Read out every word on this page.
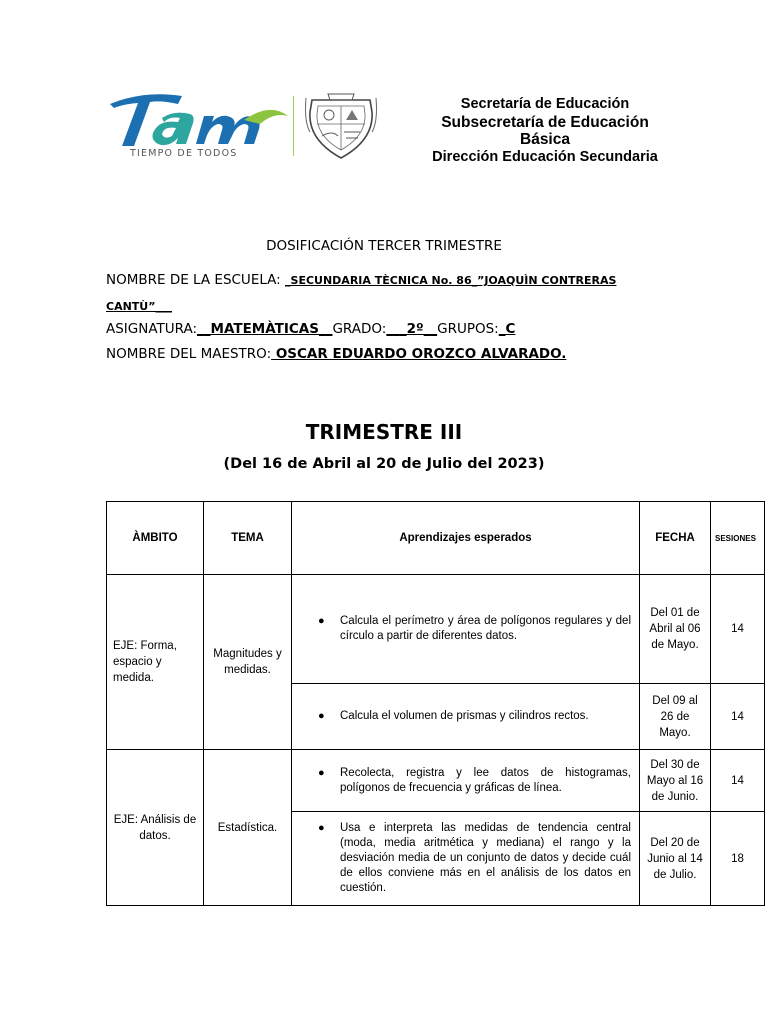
TIEMPO DE TODOS
Secretaría de Educación
Subsecretaría de Educación
Básica
Dirección Educación Secundaria
DOSIFICACIÓN TERCER TRIMESTRE
NOMBRE DE LA ESCUELA: _SECUNDARIA TÈCNICA No. 86_”JOAQUÌN CONTRERAS
CANTÙ”___
ASIGNATURA:__MATEMÀTICAS__GRADO:___2º__GRUPOS:_C
NOMBRE DEL MAESTRO: OSCAR EDUARDO OROZCO ALVARADO.
TRIMESTRE III
(Del 16 de Abril al 20 de Julio del 2023)
ÀMBITO	TEMA	Aprendizajes esperados	FECHA	SESIONES
EJE: Forma, espacio y medida.	Magnitudes y medidas.	● Calcula el perímetro y área de polígonos regulares y del círculo a partir de diferentes datos.	Del 01 de Abril al 06 de Mayo.	14

		● Calcula el volumen de prismas y cilindros rectos.	Del 09 al 26 de Mayo.	14
EJE: Análisis de datos.	Estadística.	● Recolecta, registra y lee datos de histogramas, polígonos de frecuencia y gráficas de línea.	Del 30 de Mayo al 16 de Junio.	14

		● Usa e interpreta las medidas de tendencia central (moda, media aritmética y mediana) el rango y la desviación media de un conjunto de datos y decide cuál de ellos conviene más en el análisis de los datos en cuestión.	Del 20 de Junio al 14 de Julio.	18
